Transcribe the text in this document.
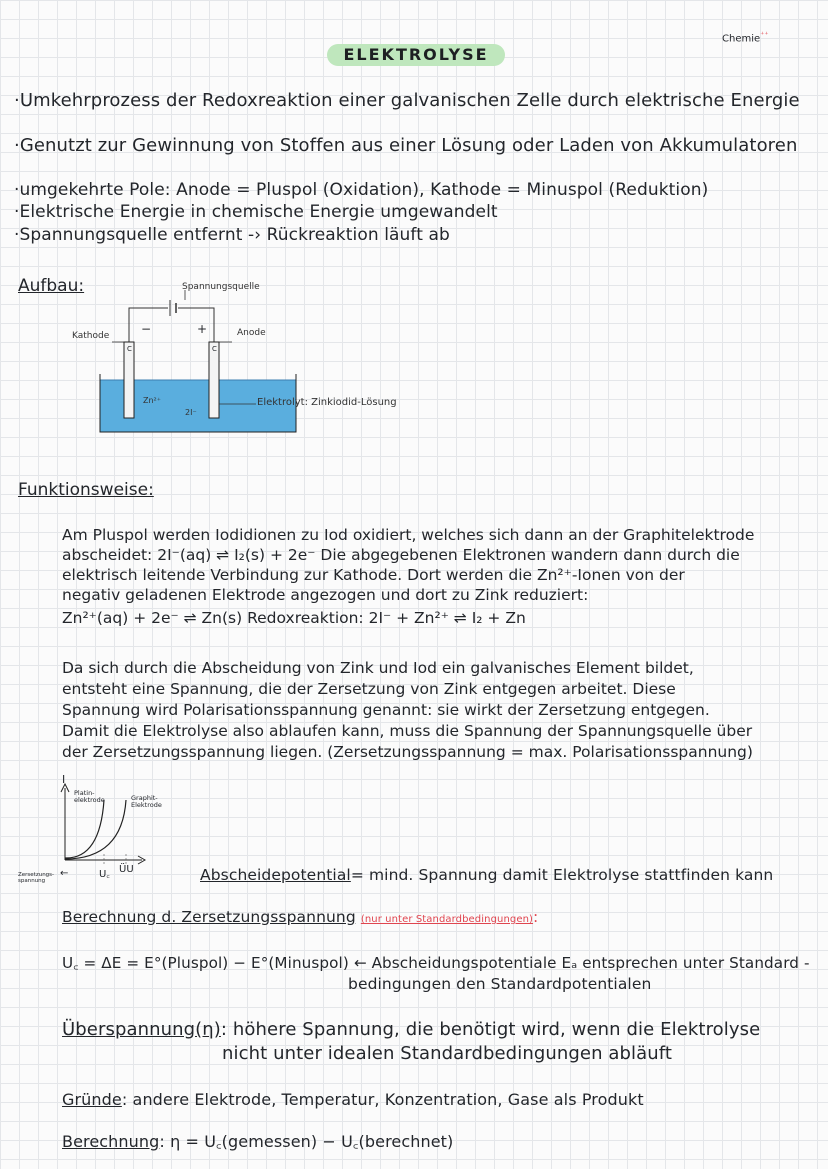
Chemie⁺⁺
ELEKTROLYSE
·Umkehrprozess der Redoxreaktion einer galvanischen Zelle durch elektrische Energie
·Genutzt zur Gewinnung von Stoffen aus einer Lösung oder Laden von Akkumulatoren
·umgekehrte Pole: Anode = Pluspol (Oxidation), Kathode = Minuspol (Reduktion)
·Elektrische Energie in chemische Energie umgewandelt
·Spannungsquelle entfernt -› Rückreaktion läuft ab
Aufbau:	Spannungsquelle
Kathode	Anode
−	+
C	C
Zn²⁺
2I⁻
Elektrolyt: Zinkiodid-Lösung
Funktionsweise:
Am Pluspol werden Iodidionen zu Iod oxidiert, welches sich dann an der Graphitelektrode
abscheidet: 2I⁻(aq) ⇌ I₂(s) + 2e⁻ Die abgegebenen Elektronen wandern dann durch die
elektrisch leitende Verbindung zur Kathode. Dort werden die Zn²⁺-Ionen von der
negativ geladenen Elektrode angezogen und dort zu Zink reduziert:
Zn²⁺(aq) + 2e⁻ ⇌ Zn(s) Redoxreaktion: 2I⁻ + Zn²⁺ ⇌ I₂ + Zn
Da sich durch die Abscheidung von Zink und Iod ein galvanisches Element bildet,
entsteht eine Spannung, die der Zersetzung von Zink entgegen arbeitet. Diese
Spannung wird Polarisationsspannung genannt: sie wirkt der Zersetzung entgegen.
Damit die Elektrolyse also ablaufen kann, muss die Spannung der Spannungsquelle über
der Zersetzungsspannung liegen. (Zersetzungsspannung = max. Polarisationsspannung)
I
Platin-elektrode	Graphit-Elektrode
Zersetzungs-spannung
←	U꜀ ÜU	Abscheidepotential= mind. Spannung damit Elektrolyse stattfinden kann
Berechnung d. Zersetzungsspannung (nur unter Standardbedingungen):
U꜀ = ΔE = E°(Pluspol) − E°(Minuspol) ← Abscheidungspotentiale Eₐ entsprechen unter Standard -
bedingungen den Standardpotentialen
Überspannung(η): höhere Spannung, die benötigt wird, wenn die Elektrolyse
nicht unter idealen Standardbedingungen abläuft
Gründe: andere Elektrode, Temperatur, Konzentration, Gase als Produkt
Berechnung: η = U꜀(gemessen) − U꜀(berechnet)
